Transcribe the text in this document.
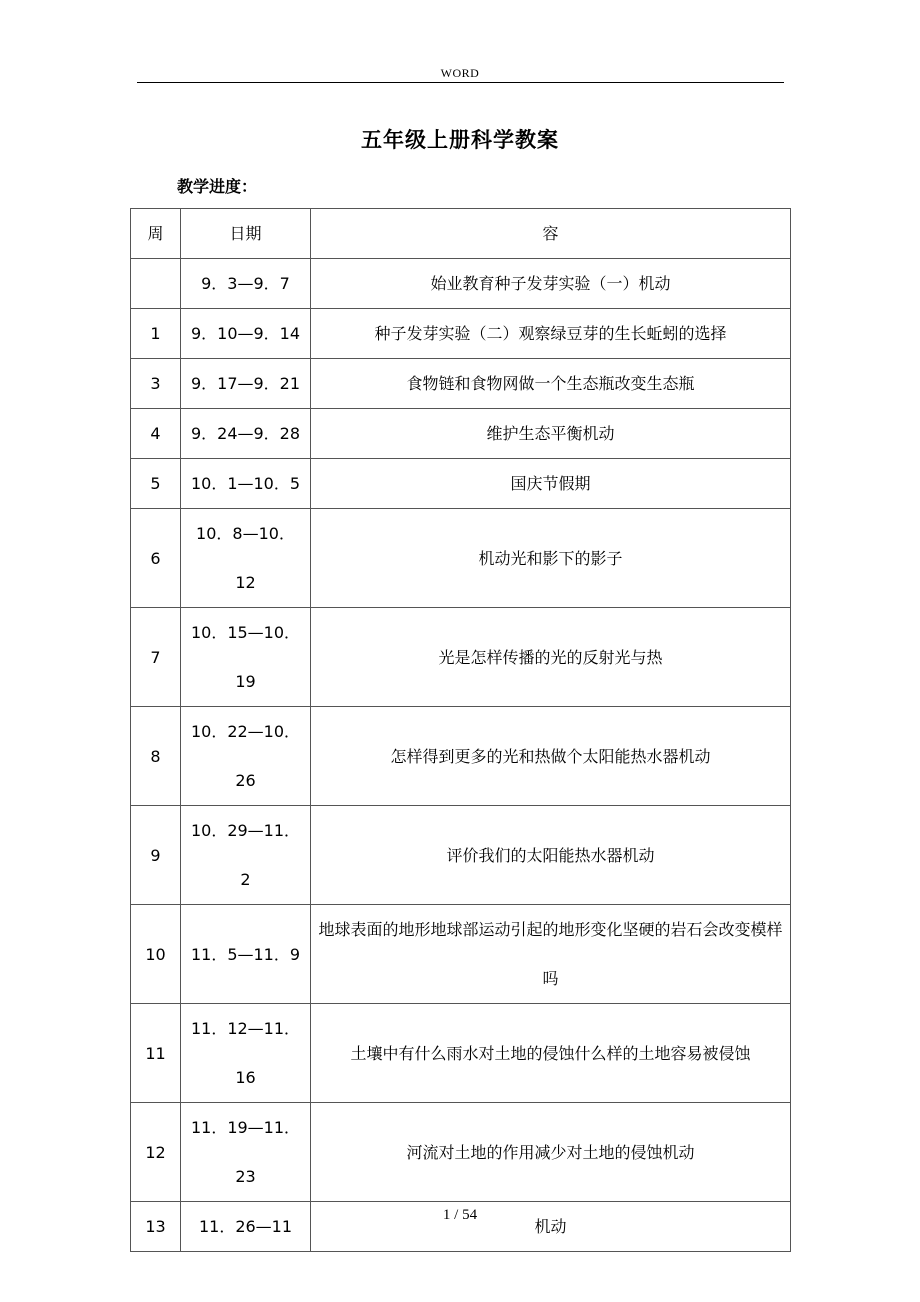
WORD
五年级上册科学教案
教学进度：
周	日期	容
	9．3—9．7	始业教育种子发芽实验（一）机动
1	9．10—9．14	种子发芽实验（二）观察绿豆芽的生长蚯蚓的选择
3	9．17—9．21	食物链和食物网做一个生态瓶改变生态瓶
4	9．24—9．28	维护生态平衡机动
5	10．1—10．5	国庆节假期
6	10．8—10．12	机动光和影下的影子
7	10．15—10．19	光是怎样传播的光的反射光与热
8	10．22—10．26	怎样得到更多的光和热做个太阳能热水器机动
9	10．29—11．2	评价我们的太阳能热水器机动
10	11．5—11．9	地球表面的地形地球部运动引起的地形变化坚硬的岩石会改变模样吗
11	11．12—11．16	土壤中有什么雨水对土地的侵蚀什么样的土地容易被侵蚀
12	11．19—11．23	河流对土地的作用减少对土地的侵蚀机动
13	11．26—11	机动
1 / 54
